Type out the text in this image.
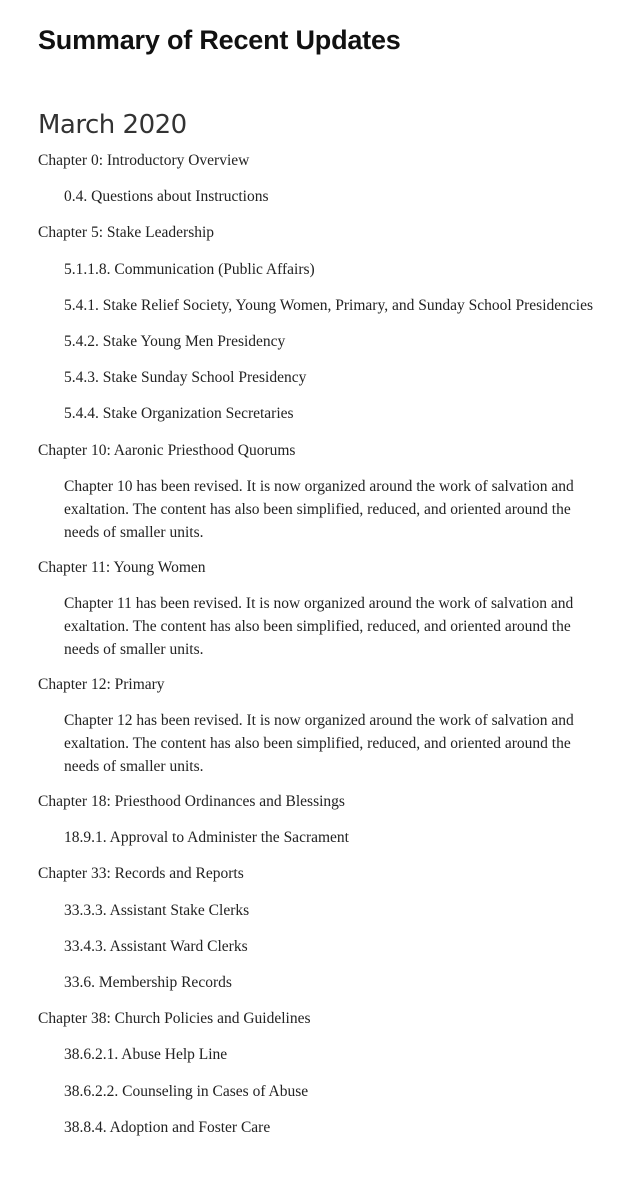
Summary of Recent Updates
March 2020
Chapter 0: Introductory Overview
0.4. Questions about Instructions
Chapter 5: Stake Leadership
5.1.1.8. Communication (Public Affairs)
5.4.1. Stake Relief Society, Young Women, Primary, and Sunday School Presidencies
5.4.2. Stake Young Men Presidency
5.4.3. Stake Sunday School Presidency
5.4.4. Stake Organization Secretaries
Chapter 10: Aaronic Priesthood Quorums
Chapter 10 has been revised. It is now organized around the work of salvation and exaltation. The content has also been simplified, reduced, and oriented around the needs of smaller units.
Chapter 11: Young Women
Chapter 11 has been revised. It is now organized around the work of salvation and exaltation. The content has also been simplified, reduced, and oriented around the needs of smaller units.
Chapter 12: Primary
Chapter 12 has been revised. It is now organized around the work of salvation and exaltation. The content has also been simplified, reduced, and oriented around the needs of smaller units.
Chapter 18: Priesthood Ordinances and Blessings
18.9.1. Approval to Administer the Sacrament
Chapter 33: Records and Reports
33.3.3. Assistant Stake Clerks
33.4.3. Assistant Ward Clerks
33.6. Membership Records
Chapter 38: Church Policies and Guidelines
38.6.2.1. Abuse Help Line
38.6.2.2. Counseling in Cases of Abuse
38.8.4. Adoption and Foster Care
